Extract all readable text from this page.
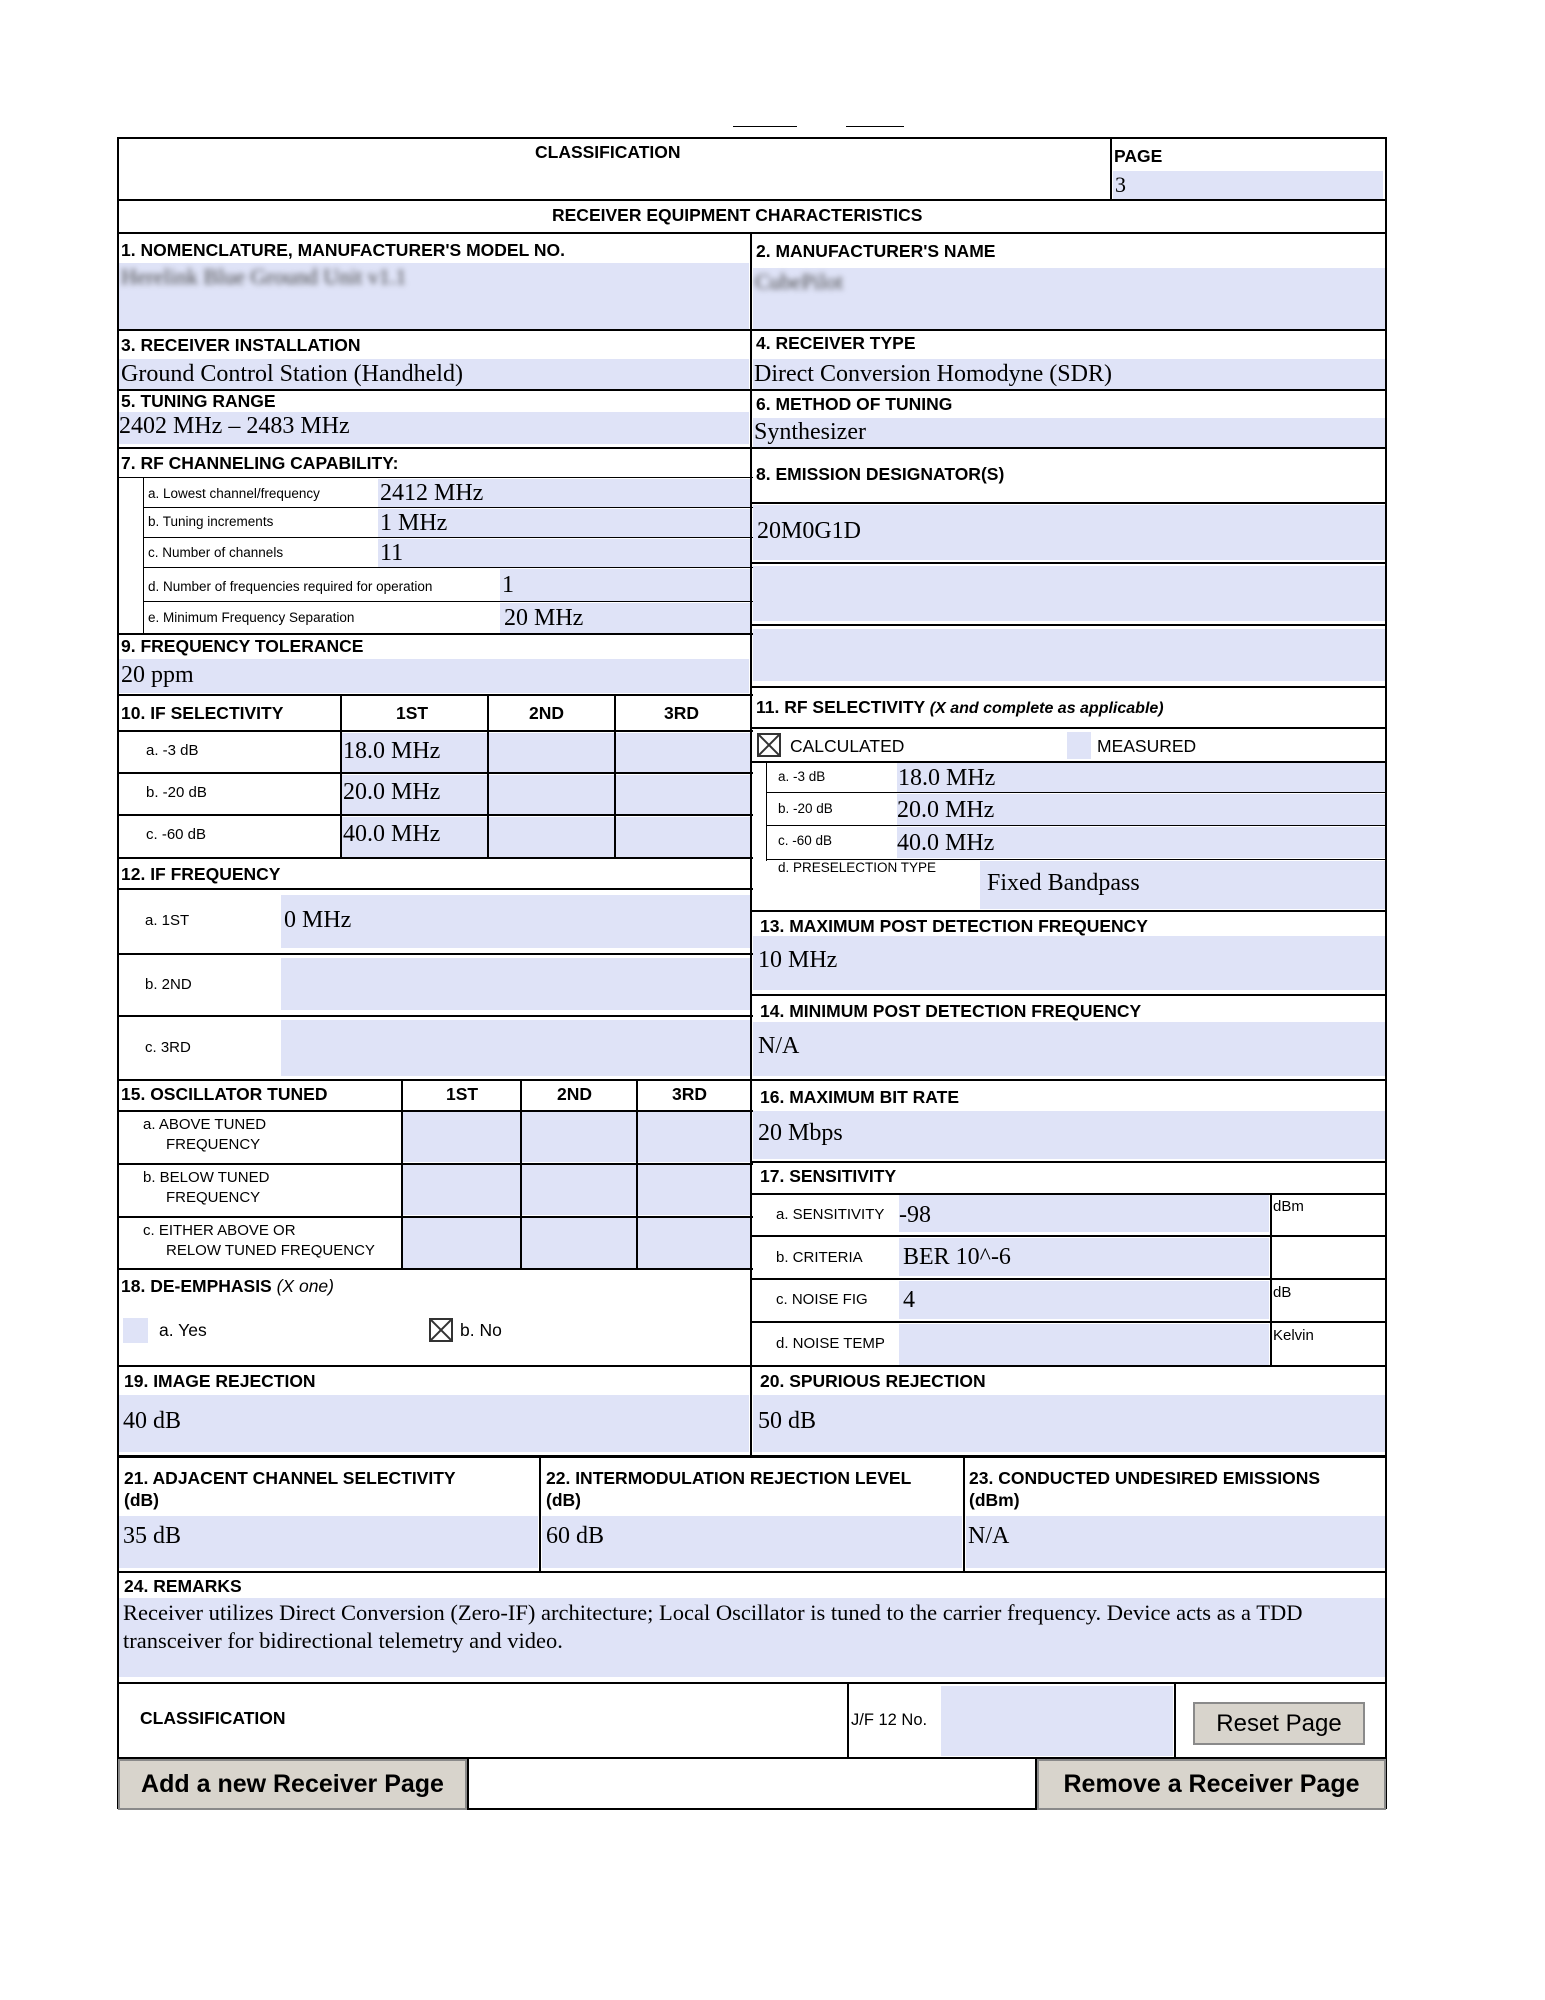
CLASSIFICATION	PAGE
3
RECEIVER EQUIPMENT CHARACTERISTICS
1. NOMENCLATURE, MANUFACTURER'S MODEL NO.
Herelink Blue Ground Unit v1.1
2. MANUFACTURER'S NAME
CubePilot
3. RECEIVER INSTALLATION
Ground Control Station (Handheld)
4. RECEIVER TYPE
Direct Conversion Homodyne (SDR)
5. TUNING RANGE
2402 MHz – 2483 MHz
6. METHOD OF TUNING
Synthesizer
7. RF CHANNELING CAPABILITY:
a. Lowest channel/frequency	2412 MHz
b. Tuning increments	1 MHz
c. Number of channels	11
d. Number of frequencies required for operation	1
e. Minimum Frequency Separation	20 MHz
8. EMISSION DESIGNATOR(S)
20M0G1D
9. FREQUENCY TOLERANCE
20 ppm
10. IF SELECTIVITY	1ST	2ND	3RD
a. -3 dB	18.0 MHz
b. -20 dB	20.0 MHz
c. -60 dB	40.0 MHz
11. RF SELECTIVITY (X and complete as applicable)
CALCULATED	MEASURED
a. -3 dB	18.0 MHz
b. -20 dB	20.0 MHz
c. -60 dB	40.0 MHz
d. PRESELECTION TYPE
Fixed Bandpass
12. IF FREQUENCY
a. 1ST	0 MHz
b. 2ND
c. 3RD
13. MAXIMUM POST DETECTION FREQUENCY
10 MHz
14. MINIMUM POST DETECTION FREQUENCY
N/A
15. OSCILLATOR TUNED	1ST	2ND	3RD
a. ABOVE TUNED
FREQUENCY
b. BELOW TUNED
FREQUENCY
c. EITHER ABOVE OR
RELOW TUNED FREQUENCY
16. MAXIMUM BIT RATE
20 Mbps
17. SENSITIVITY
a. SENSITIVITY -98	dBm
b. CRITERIA BER 10^-6
c. NOISE FIG 4	dB
d. NOISE TEMP	Kelvin
18. DE-EMPHASIS (X one)
a. Yes	b. No
19. IMAGE REJECTION
40 dB
20. SPURIOUS REJECTION
50 dB
21. ADJACENT CHANNEL SELECTIVITY
(dB)
35 dB
22. INTERMODULATION REJECTION LEVEL
(dB)
60 dB
23. CONDUCTED UNDESIRED EMISSIONS
(dBm)
N/A
24. REMARKS
Receiver utilizes Direct Conversion (Zero-IF) architecture; Local Oscillator is tuned to the carrier frequency. Device acts as a TDD
transceiver for bidirectional telemetry and video.
CLASSIFICATION	J/F 12 No.	Reset Page
Add a new Receiver Page	Remove a Receiver Page
